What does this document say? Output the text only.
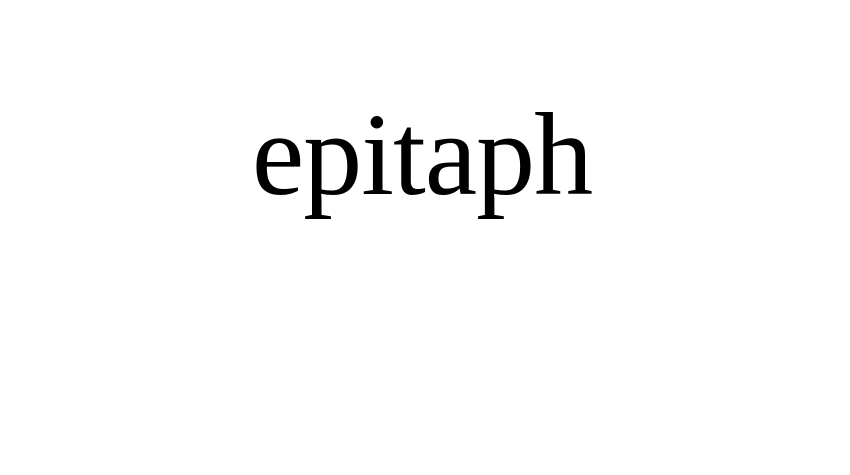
epitaph
